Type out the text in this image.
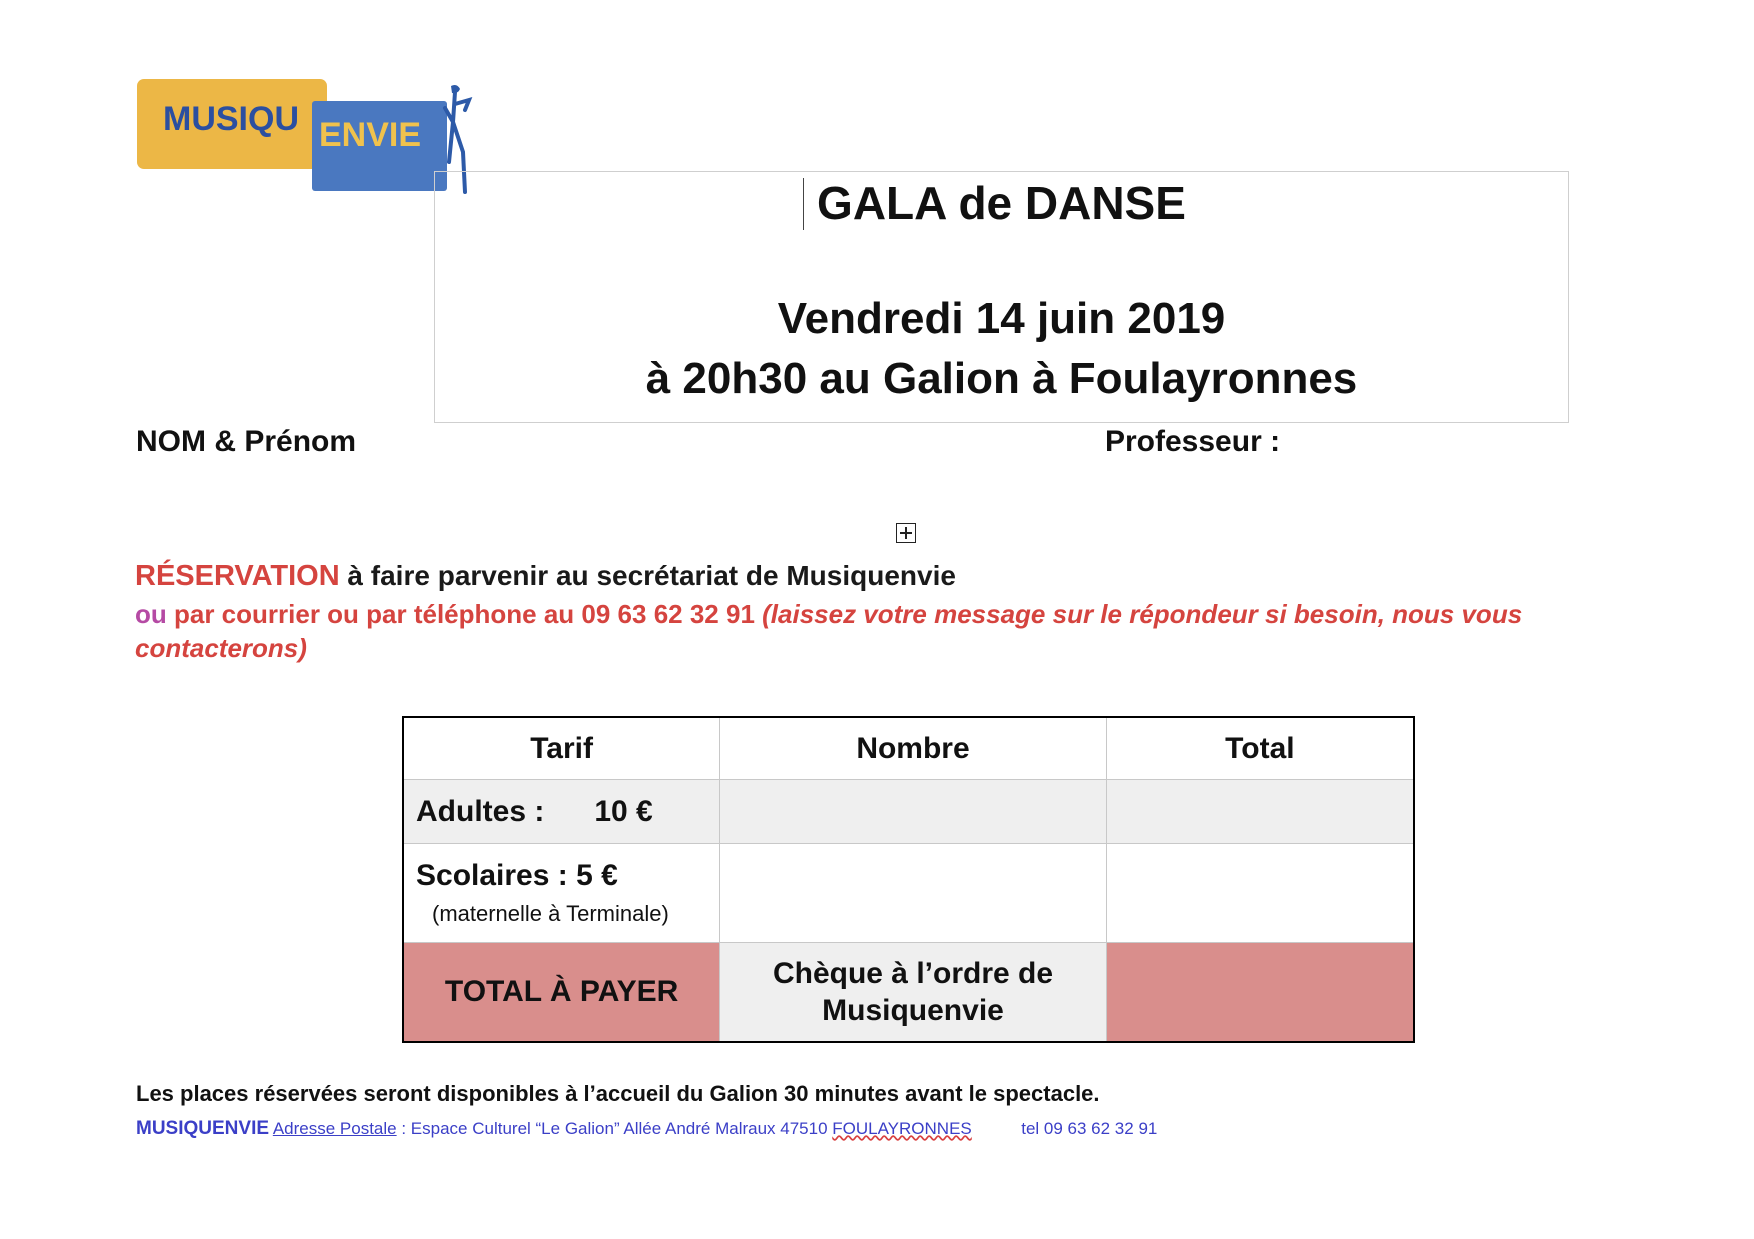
MUSIQU ENVIE
GALA de DANSE
Vendredi 14 juin 2019
à 20h30 au Galion à Foulayronnes
NOM & Prénom	Professeur :
RÉSERVATION à faire parvenir au secrétariat de Musiquenvie
ou par courrier ou par téléphone au 09 63 62 32 91 (laissez votre message sur le répondeur si besoin, nous vous contacterons)
Tarif	Nombre	Total
Adultes :      10 €		
Scolaires : 5 €
(maternelle à Terminale)		

TOTAL À PAYER	Chèque à l’ordre de
Musiquenvie	
Les places réservées seront disponibles à l’accueil du Galion 30 minutes avant le spectacle.
MUSIQUENVIE Adresse Postale : Espace Culturel “Le Galion” Allée André Malraux 47510 FOULAYRONNES	tel 09 63 62 32 91
